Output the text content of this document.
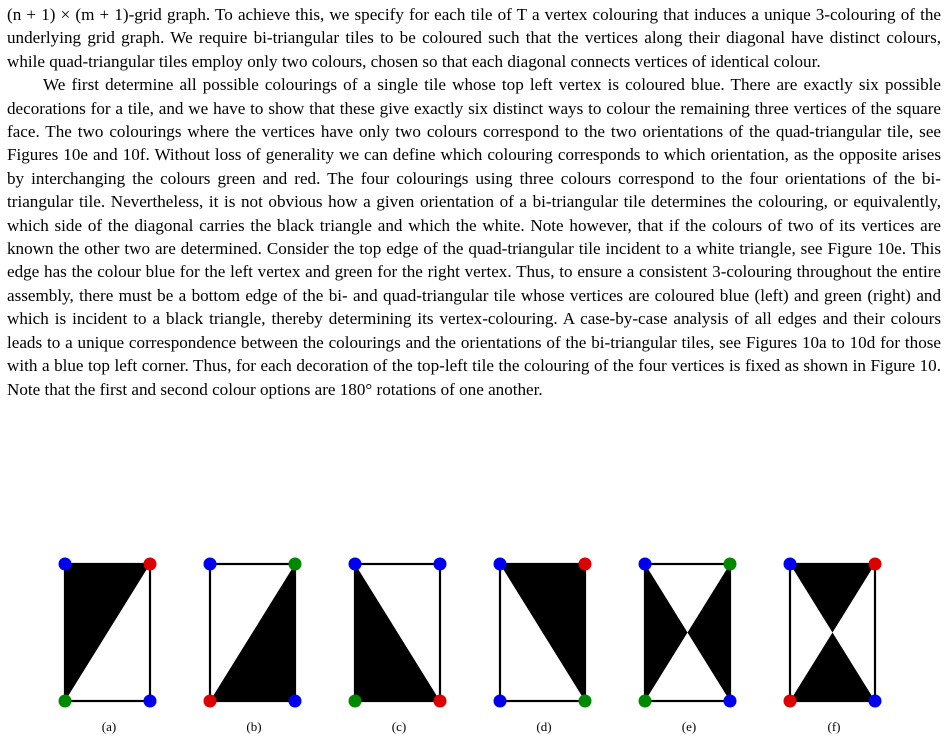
(n + 1) × (m + 1)-grid graph. To achieve this, we specify for each tile of T a vertex colouring that induces a unique 3-colouring of the underlying grid graph. We require bi-triangular tiles to be coloured such that the vertices along their diagonal have distinct colours, while quad-triangular tiles employ only two colours, chosen so that each diagonal connects vertices of identical colour.

We first determine all possible colourings of a single tile whose top left vertex is coloured blue. There are exactly six possible decorations for a tile, and we have to show that these give exactly six distinct ways to colour the remaining three vertices of the square face. The two colourings where the vertices have only two colours correspond to the two orientations of the quad-triangular tile, see Figures 10e and 10f. Without loss of generality we can define which colouring corresponds to which orientation, as the opposite arises by interchanging the colours green and red. The four colourings using three colours correspond to the four orientations of the bi-triangular tile. Nevertheless, it is not obvious how a given orientation of a bi-triangular tile determines the colouring, or equivalently, which side of the diagonal carries the black triangle and which the white. Note however, that if the colours of two of its vertices are known the other two are determined. Consider the top edge of the quad-triangular tile incident to a white triangle, see Figure 10e. This edge has the colour blue for the left vertex and green for the right vertex. Thus, to ensure a consistent 3-colouring throughout the entire assembly, there must be a bottom edge of the bi- and quad-triangular tile whose vertices are coloured blue (left) and green (right) and which is incident to a black triangle, thereby determining its vertex-colouring. A case-by-case analysis of all edges and their colours leads to a unique correspondence between the colourings and the orientations of the bi-triangular tiles, see Figures 10a to 10d for those with a blue top left corner. Thus, for each decoration of the top-left tile the colouring of the four vertices is fixed as shown in Figure 10. Note that the first and second colour options are 180° rotations of one another.

(a)	(b)	(c)	(d)	(e)	(f)
